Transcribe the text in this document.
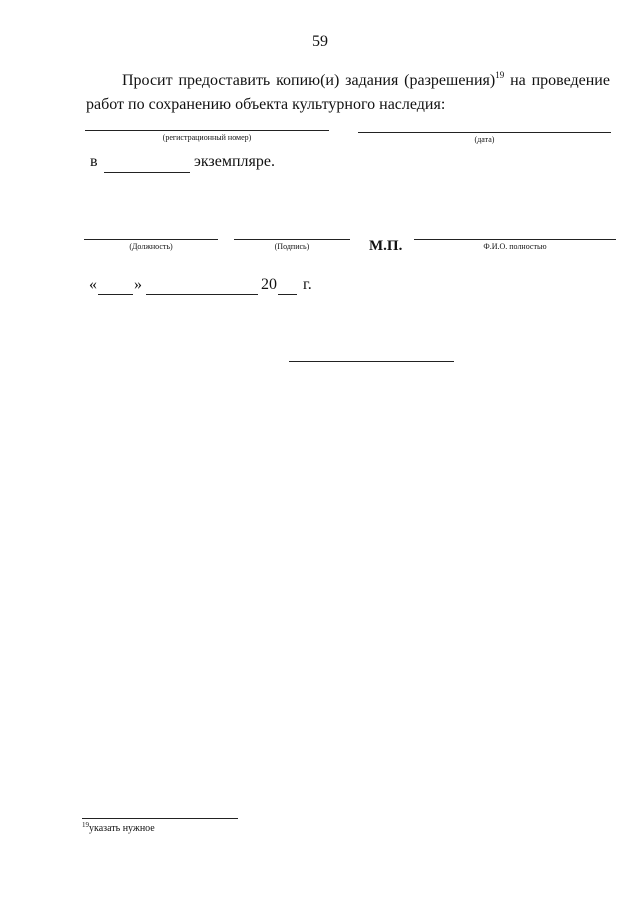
59
Просит предоставить копию(и) задания (разрешения)$^{19}$ на проведение
работ по сохранению объекта культурного наследия:
(регистрационный номер)	(дата)
в	экземпляре.
(Должность)	(Подпись)	М.П.	Ф.И.О. полностью
« »	20 г.
$^{19}$указать нужное
